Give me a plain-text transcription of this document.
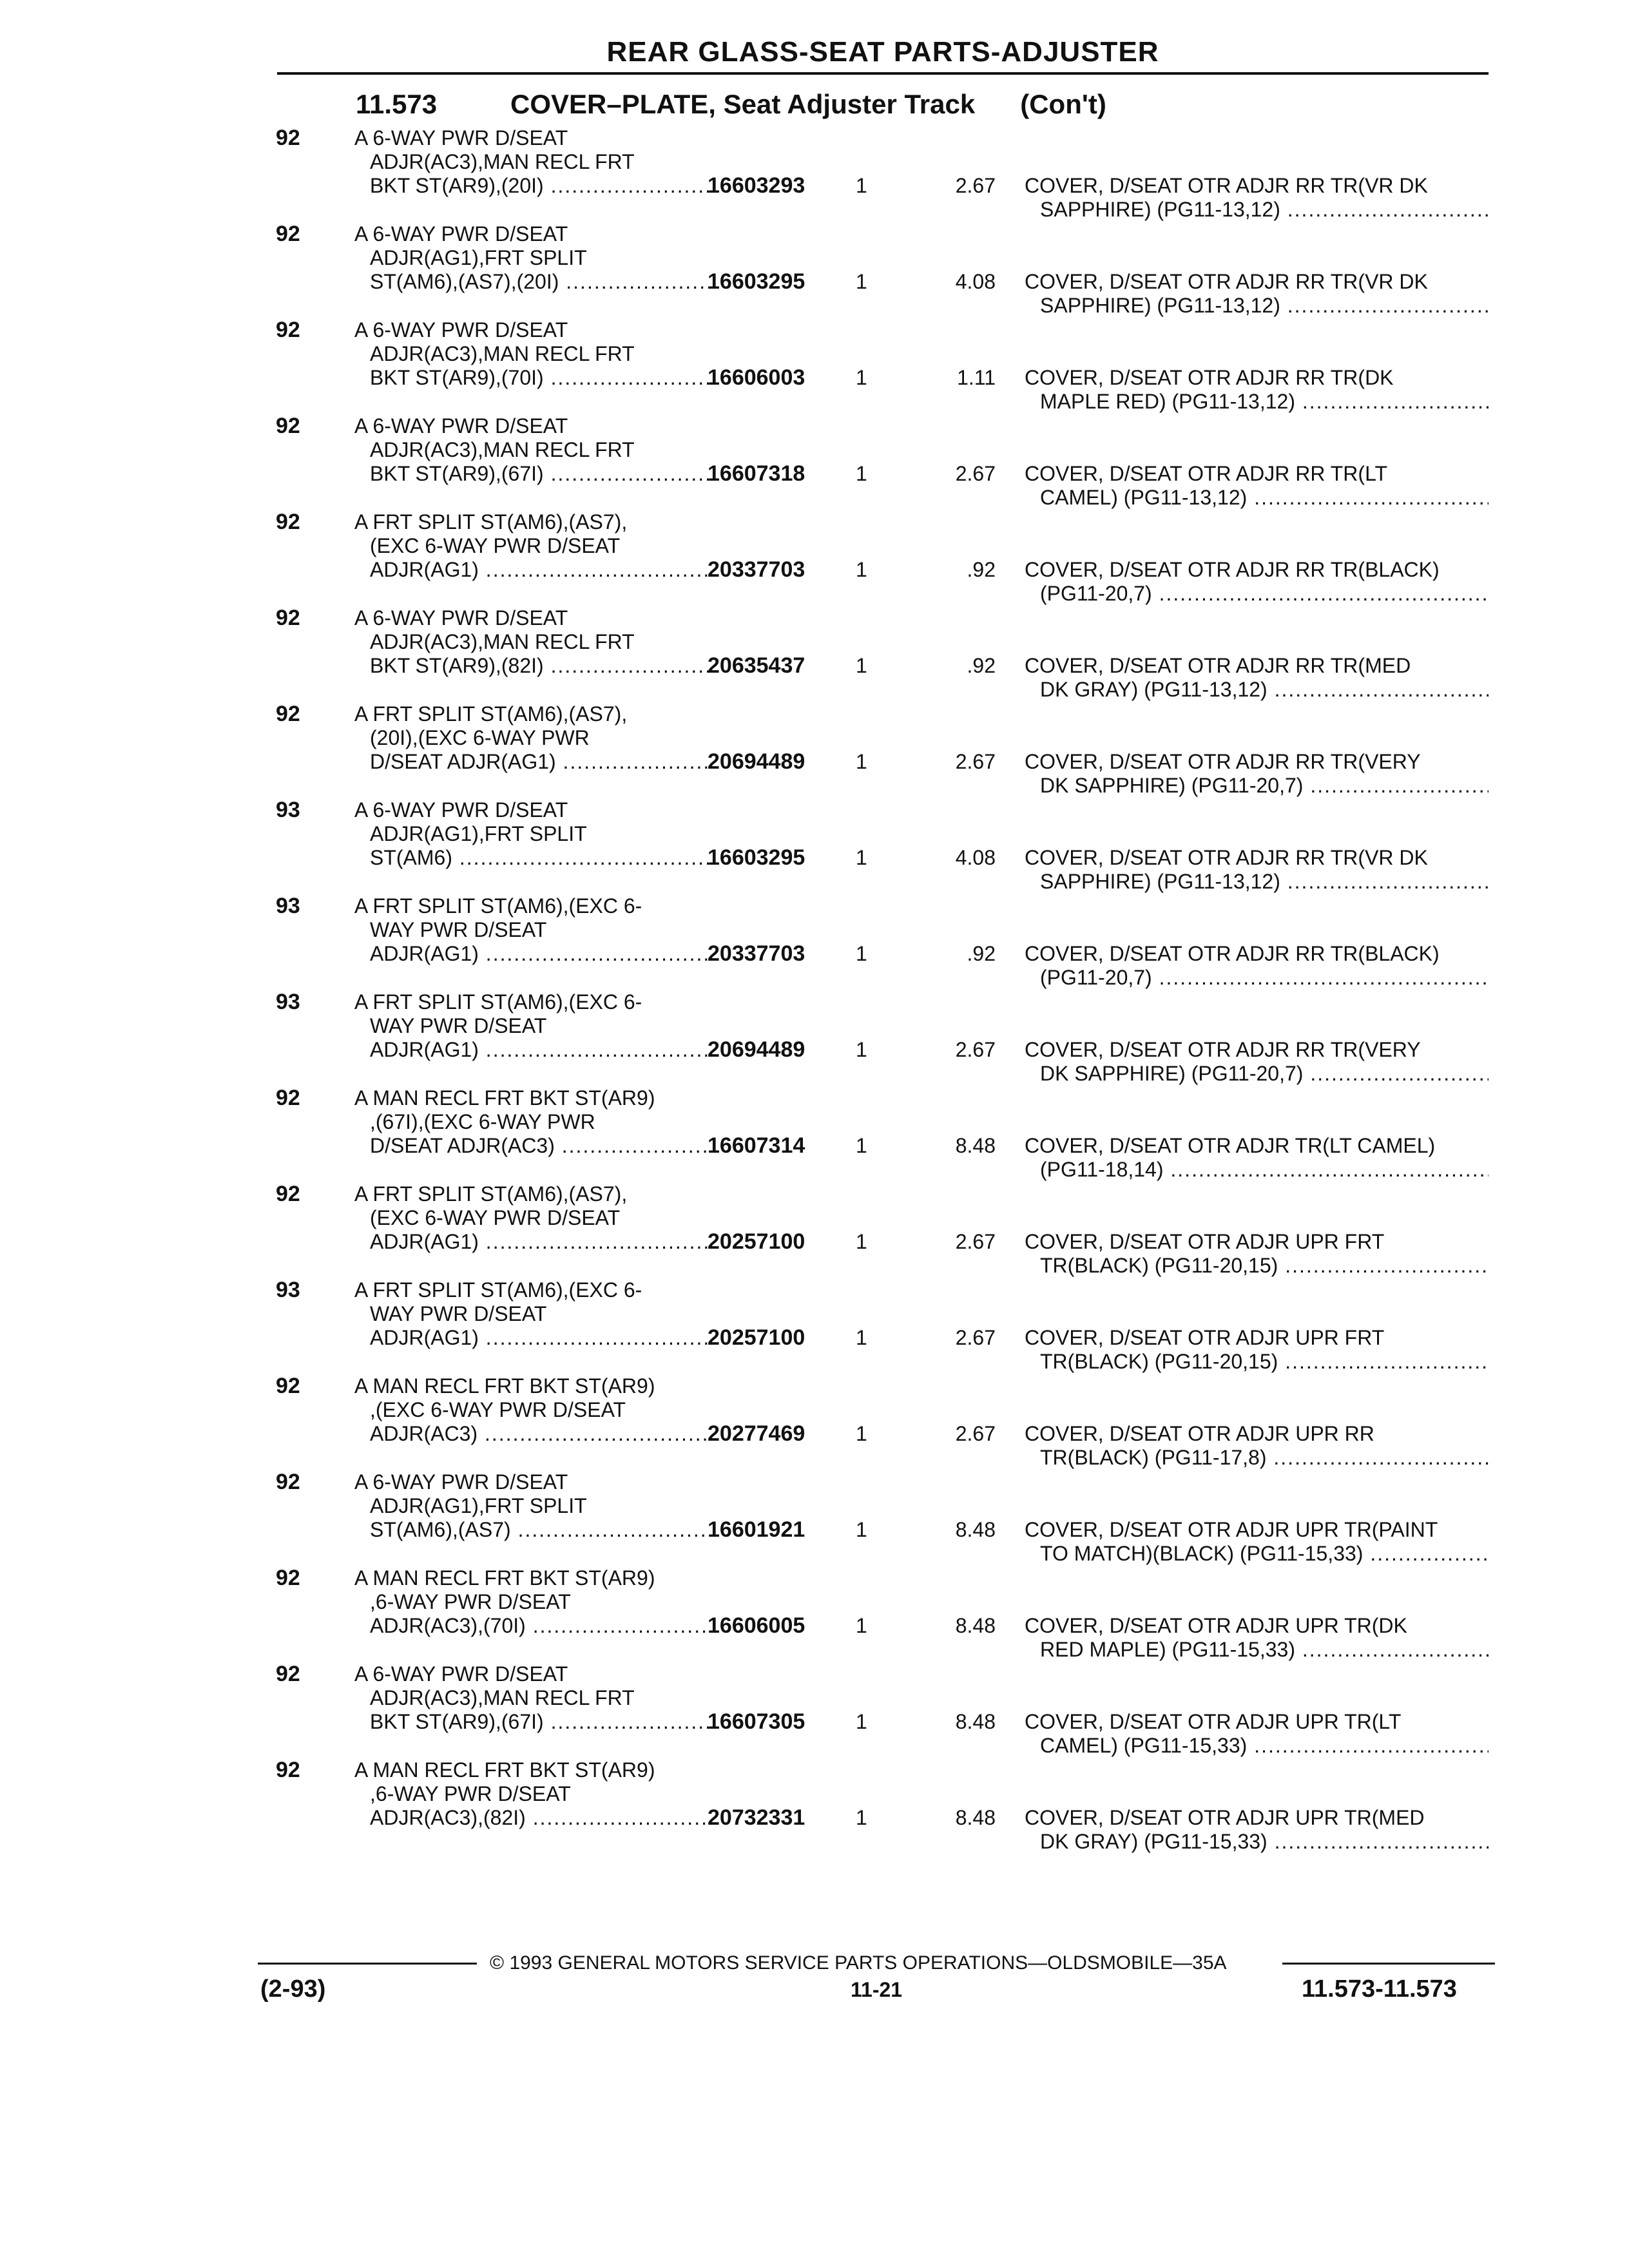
REAR GLASS-SEAT PARTS-ADJUSTER
11.573	COVER–PLATE, Seat Adjuster Track (Con't)
92	A 6-WAY PWR D/SEAT
ADJR(AC3),MAN RECL FRT
BKT ST(AR9),(20I) .....	16603293 1	2.67 COVER, D/SEAT OTR ADJR RR TR(VR DK
SAPPHIRE) (PG11-13,12) .....
92	A 6-WAY PWR D/SEAT
ADJR(AG1),FRT SPLIT
ST(AM6),(AS7),(20I) .....	16603295 1	4.08 COVER, D/SEAT OTR ADJR RR TR(VR DK
SAPPHIRE) (PG11-13,12) .....
92	A 6-WAY PWR D/SEAT
ADJR(AC3),MAN RECL FRT
BKT ST(AR9),(70I) .....	16606003 1	1.11 COVER, D/SEAT OTR ADJR RR TR(DK
MAPLE RED) (PG11-13,12) .....
92	A 6-WAY PWR D/SEAT
ADJR(AC3),MAN RECL FRT
BKT ST(AR9),(67I) .....	16607318 1	2.67 COVER, D/SEAT OTR ADJR RR TR(LT
CAMEL) (PG11-13,12) .....
92	A FRT SPLIT ST(AM6),(AS7),
(EXC 6-WAY PWR D/SEAT
ADJR(AG1) .....	20337703 1	.92 COVER, D/SEAT OTR ADJR RR TR(BLACK)
(PG11-20,7) .....
92	A 6-WAY PWR D/SEAT
ADJR(AC3),MAN RECL FRT
BKT ST(AR9),(82I) .....	20635437 1	.92 COVER, D/SEAT OTR ADJR RR TR(MED
DK GRAY) (PG11-13,12) .....
92	A FRT SPLIT ST(AM6),(AS7),
(20I),(EXC 6-WAY PWR
D/SEAT ADJR(AG1) .....	20694489 1	2.67 COVER, D/SEAT OTR ADJR RR TR(VERY
DK SAPPHIRE) (PG11-20,7) .....
93	A 6-WAY PWR D/SEAT
ADJR(AG1),FRT SPLIT
ST(AM6) .....	16603295 1	4.08 COVER, D/SEAT OTR ADJR RR TR(VR DK
SAPPHIRE) (PG11-13,12) .....
93	A FRT SPLIT ST(AM6),(EXC 6-
WAY PWR D/SEAT
ADJR(AG1) .....	20337703 1	.92 COVER, D/SEAT OTR ADJR RR TR(BLACK)
(PG11-20,7) .....
93	A FRT SPLIT ST(AM6),(EXC 6-
WAY PWR D/SEAT
ADJR(AG1) .....	20694489 1	2.67 COVER, D/SEAT OTR ADJR RR TR(VERY
DK SAPPHIRE) (PG11-20,7) .....
92	A MAN RECL FRT BKT ST(AR9)
,(67I),(EXC 6-WAY PWR
D/SEAT ADJR(AC3) .....	16607314 1	8.48 COVER, D/SEAT OTR ADJR TR(LT CAMEL)
(PG11-18,14) .....
92	A FRT SPLIT ST(AM6),(AS7),
(EXC 6-WAY PWR D/SEAT
ADJR(AG1) .....	20257100 1	2.67 COVER, D/SEAT OTR ADJR UPR FRT
TR(BLACK) (PG11-20,15) .....
93	A FRT SPLIT ST(AM6),(EXC 6-
WAY PWR D/SEAT
ADJR(AG1) .....	20257100 1	2.67 COVER, D/SEAT OTR ADJR UPR FRT
TR(BLACK) (PG11-20,15) .....
92	A MAN RECL FRT BKT ST(AR9)
,(EXC 6-WAY PWR D/SEAT
ADJR(AC3) .....	20277469 1	2.67 COVER, D/SEAT OTR ADJR UPR RR
TR(BLACK) (PG11-17,8) .....
92	A 6-WAY PWR D/SEAT
ADJR(AG1),FRT SPLIT
ST(AM6),(AS7) .....	16601921 1	8.48 COVER, D/SEAT OTR ADJR UPR TR(PAINT
TO MATCH)(BLACK) (PG11-15,33) .....
92	A MAN RECL FRT BKT ST(AR9)
,6-WAY PWR D/SEAT
ADJR(AC3),(70I) .....	16606005 1	8.48 COVER, D/SEAT OTR ADJR UPR TR(DK
RED MAPLE) (PG11-15,33) .....
92	A 6-WAY PWR D/SEAT
ADJR(AC3),MAN RECL FRT
BKT ST(AR9),(67I) .....	16607305 1	8.48 COVER, D/SEAT OTR ADJR UPR TR(LT
CAMEL) (PG11-15,33) .....
92	A MAN RECL FRT BKT ST(AR9)
,6-WAY PWR D/SEAT
ADJR(AC3),(82I) .....	20732331 1	8.48 COVER, D/SEAT OTR ADJR UPR TR(MED
DK GRAY) (PG11-15,33) .....
© 1993 GENERAL MOTORS SERVICE PARTS OPERATIONS—OLDSMOBILE—35A
(2-93)	11-21	11.573-11.573
